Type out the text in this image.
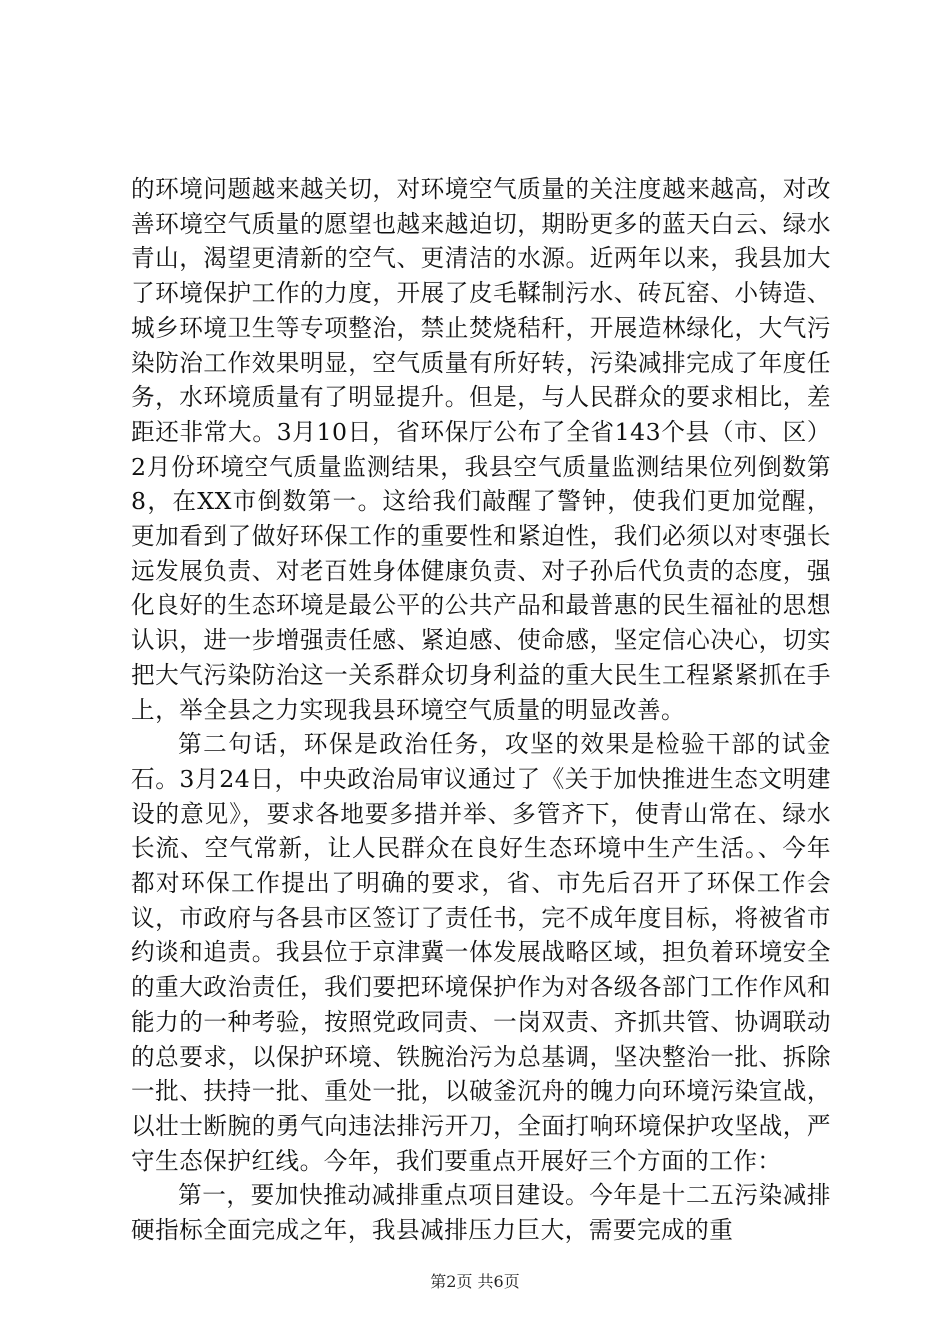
的环境问题越来越关切，对环境空气质量的关注度越来越高，对改善环境空气质量的愿望也越来越迫切，期盼更多的蓝天白云、绿水青山，渴望更清新的空气、更清洁的水源。近两年以来，我县加大了环境保护工作的力度，开展了皮毛鞣制污水、砖瓦窑、小铸造、城乡环境卫生等专项整治，禁止焚烧秸秆，开展造林绿化，大气污染防治工作效果明显，空气质量有所好转，污染减排完成了年度任务，水环境质量有了明显提升。但是，与人民群众的要求相比，差距还非常大。3月10日，省环保厅公布了全省143个县（市、区）2月份环境空气质量监测结果，我县空气质量监测结果位列倒数第8，在XX市倒数第一。这给我们敲醒了警钟，使我们更加觉醒，更加看到了做好环保工作的重要性和紧迫性，我们必须以对枣强长远发展负责、对老百姓身体健康负责、对子孙后代负责的态度，强化良好的生态环境是最公平的公共产品和最普惠的民生福祉的思想认识，进一步增强责任感、紧迫感、使命感，坚定信心决心，切实把大气污染防治这一关系群众切身利益的重大民生工程紧紧抓在手上，举全县之力实现我县环境空气质量的明显改善。

第二句话，环保是政治任务，攻坚的效果是检验干部的试金石。3月24日，中央政治局审议通过了《关于加快推进生态文明建设的意见》，要求各地要多措并举、多管齐下，使青山常在、绿水长流、空气常新，让人民群众在良好生态环境中生产生活。、今年都对环保工作提出了明确的要求，省、市先后召开了环保工作会议，市政府与各县市区签订了责任书，完不成年度目标，将被省市约谈和追责。我县位于京津冀一体发展战略区域，担负着环境安全的重大政治责任，我们要把环境保护作为对各级各部门工作作风和能力的一种考验，按照党政同责、一岗双责、齐抓共管、协调联动的总要求，以保护环境、铁腕治污为总基调，坚决整治一批、拆除一批、扶持一批、重处一批，以破釜沉舟的魄力向环境污染宣战，以壮士断腕的勇气向违法排污开刀，全面打响环境保护攻坚战，严守生态保护红线。今年，我们要重点开展好三个方面的工作：

第一，要加快推动减排重点项目建设。今年是十二五污染减排硬指标全面完成之年，我县减排压力巨大，需要完成的重

第2页 共6页
